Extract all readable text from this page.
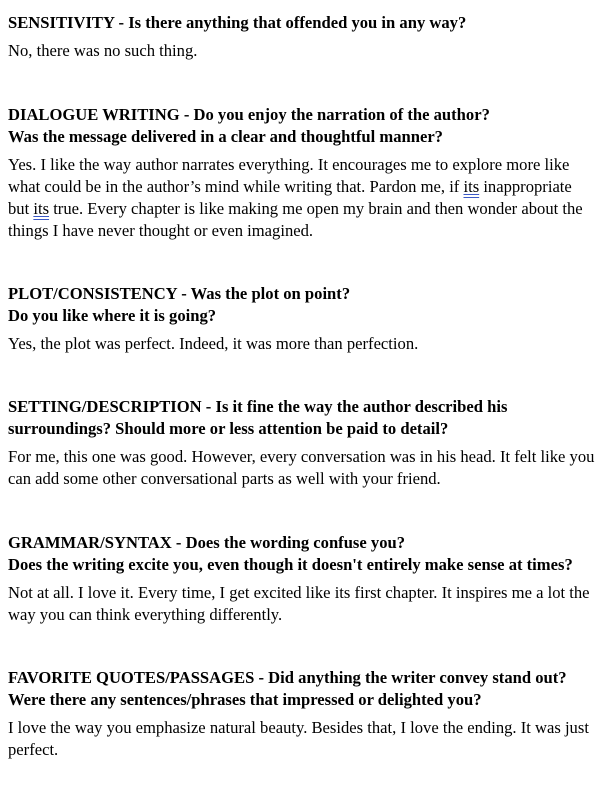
SENSITIVITY - Is there anything that offended you in any way?

No, there was no such thing.

DIALOGUE WRITING - Do you enjoy the narration of the author?
Was the message delivered in a clear and thoughtful manner?

Yes. I like the way author narrates everything. It encourages me to explore more like what could be in the author’s mind while writing that. Pardon me, if its inappropriate but its true. Every chapter is like making me open my brain and then wonder about the things I have never thought or even imagined.

PLOT/CONSISTENCY - Was the plot on point?
Do you like where it is going?

Yes, the plot was perfect. Indeed, it was more than perfection.

SETTING/DESCRIPTION - Is it fine the way the author described his surroundings? Should more or less attention be paid to detail?

For me, this one was good. However, every conversation was in his head. It felt like you can add some other conversational parts as well with your friend.

GRAMMAR/SYNTAX - Does the wording confuse you?
Does the writing excite you, even though it doesn't entirely make sense at times?

Not at all. I love it. Every time, I get excited like its first chapter. It inspires me a lot the way you can think everything differently.

FAVORITE QUOTES/PASSAGES - Did anything the writer convey stand out? Were there any sentences/phrases that impressed or delighted you?

I love the way you emphasize natural beauty. Besides that, I love the ending. It was just perfect.
